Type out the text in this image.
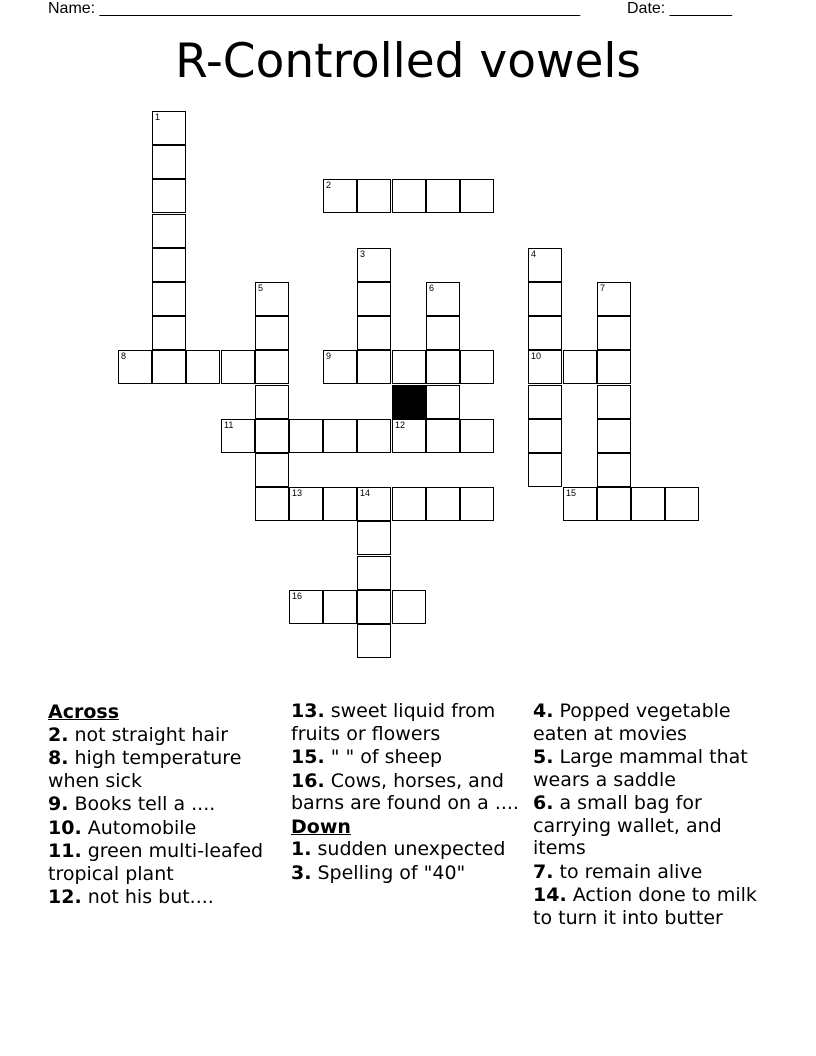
Name: ______________________________________________________	Date: _______
R-Controlled vowels
1
2
3	4
10
5	6	7
8	9
11	12
13	14	15
16
Across
2. not straight hair
8. high temperature when sick
9. Books tell a ....
10. Automobile
11. green multi-leafed tropical plant
12. not his but....
13. sweet liquid from fruits or flowers
15. " " of sheep
16. Cows, horses, and barns are found on a ....
Down
1. sudden unexpected
3. Spelling of "40"
4. Popped vegetable eaten at movies
5. Large mammal that wears a saddle
6. a small bag for carrying wallet, and items
7. to remain alive
14. Action done to milk to turn it into butter
